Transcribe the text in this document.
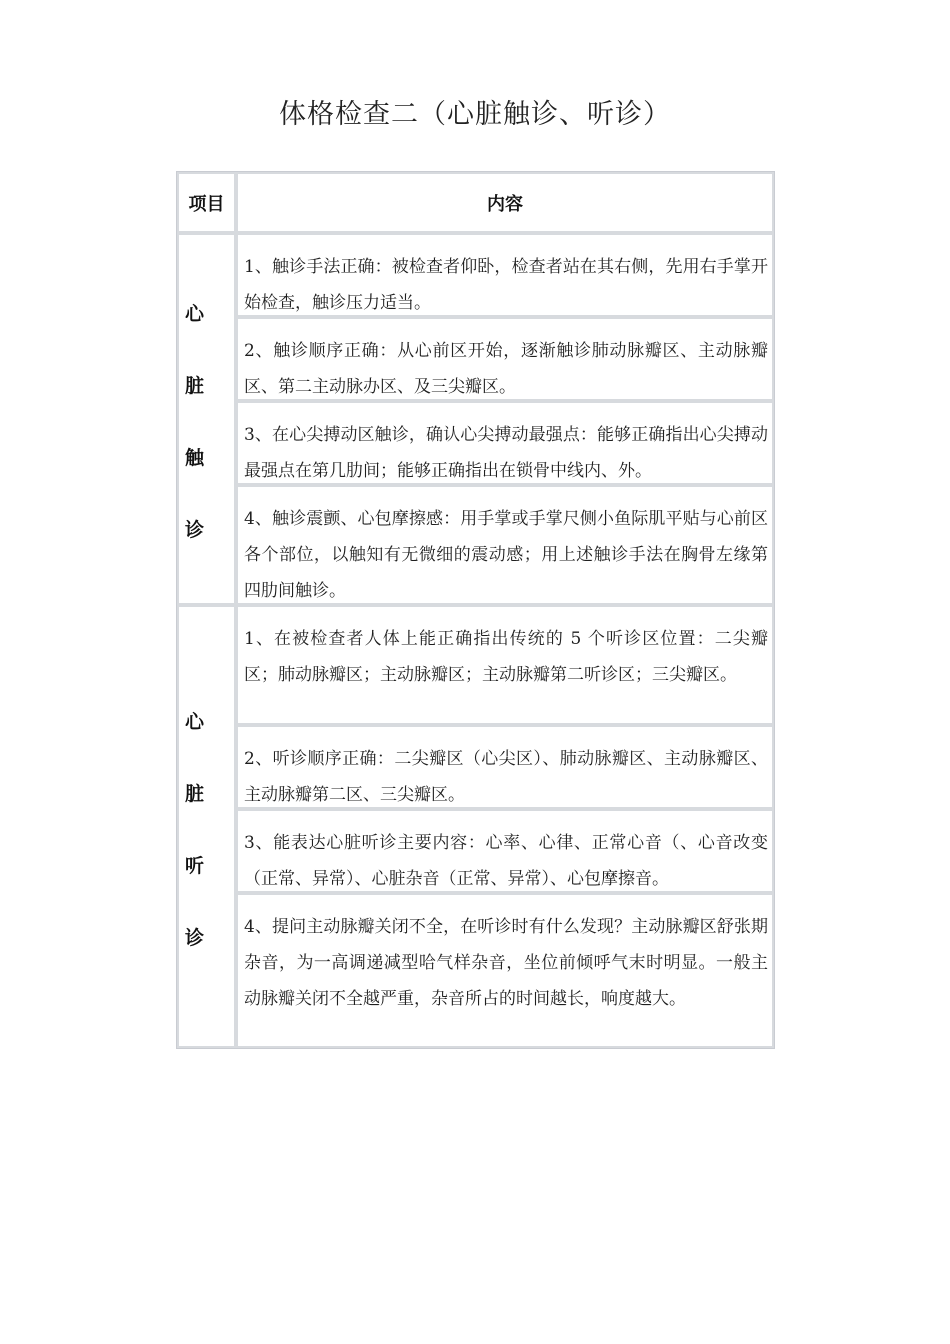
体格检查二（心脏触诊、听诊）
项目	内容
心
脏
触
诊
1、触诊手法正确：被检查者仰卧，检查者站在其右侧，先用右手掌开始检查，触诊压力适当。
2、触诊顺序正确：从心前区开始，逐渐触诊肺动脉瓣区、主动脉瓣区、第二主动脉办区、及三尖瓣区。
3、在心尖搏动区触诊，确认心尖搏动最强点：能够正确指出心尖搏动最强点在第几肋间；能够正确指出在锁骨中线内、外。
4、触诊震颤、心包摩擦感：用手掌或手掌尺侧小鱼际肌平贴与心前区各个部位，以触知有无微细的震动感；用上述触诊手法在胸骨左缘第四肋间触诊。
心
脏
听
诊
1、在被检查者人体上能正确指出传统的 5 个听诊区位置：二尖瓣区；肺动脉瓣区；主动脉瓣区；主动脉瓣第二听诊区；三尖瓣区。
2、听诊顺序正确：二尖瓣区（心尖区）、肺动脉瓣区、主动脉瓣区、主动脉瓣第二区、三尖瓣区。
3、能表达心脏听诊主要内容：心率、心律、正常心音（、心音改变（正常、异常）、心脏杂音（正常、异常）、心包摩擦音。
4、提问主动脉瓣关闭不全，在听诊时有什么发现？主动脉瓣区舒张期杂音，为一高调递减型哈气样杂音，坐位前倾呼气末时明显。一般主动脉瓣关闭不全越严重，杂音所占的时间越长，响度越大。
